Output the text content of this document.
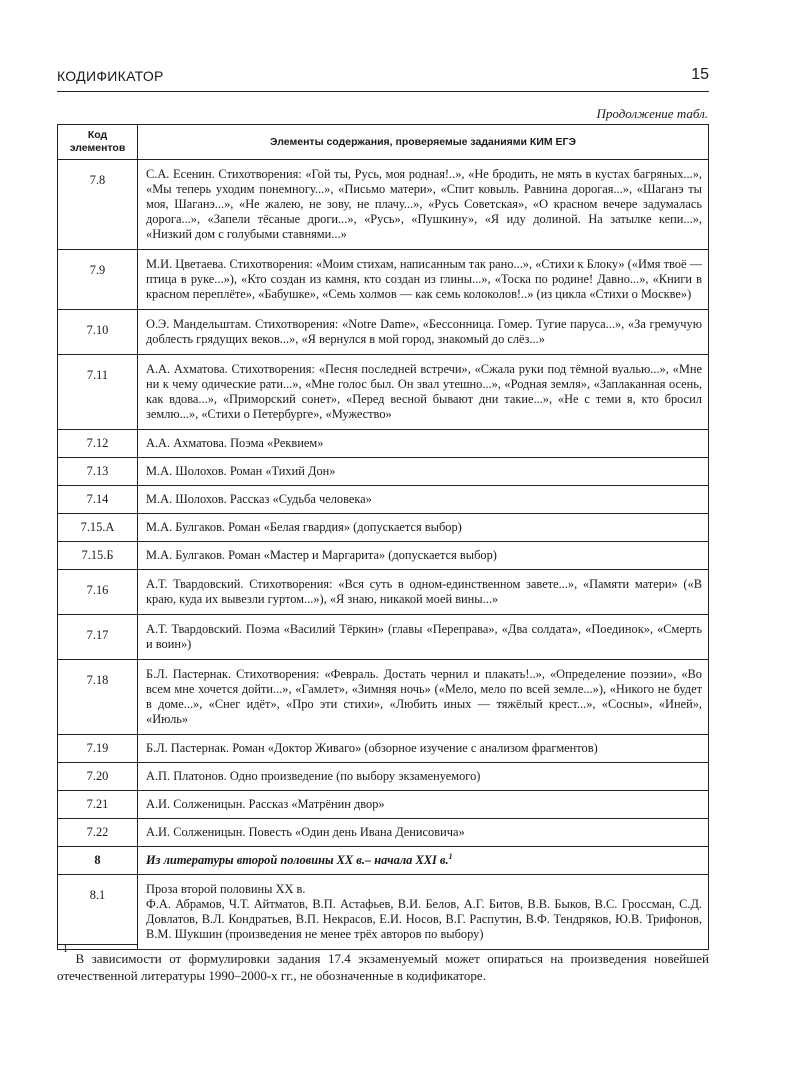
КОДИФИКАТОР	15
Продолжение табл.
Код элементов	Элементы содержания, проверяемые заданиями КИМ ЕГЭ
7.8	С.А. Есенин. Стихотворения: «Гой ты, Русь, моя родная!..», «Не бродить, не мять в кустах багряных...», «Мы теперь уходим понемногу...», «Письмо матери», «Спит ковыль. Равнина дорогая...», «Шаганэ ты моя, Шаганэ...», «Не жалею, не зову, не плачу...», «Русь Советская», «О красном вечере задумалась дорога...», «Запели тёсаные дроги...», «Русь», «Пушкину», «Я иду долиной. На затылке кепи...», «Низкий дом с голубыми ставнями...»
7.9	М.И. Цветаева. Стихотворения: «Моим стихам, написанным так рано...», «Стихи к Блоку» («Имя твоё — птица в руке...»), «Кто создан из камня, кто создан из глины...», «Тоска по родине! Давно...», «Книги в красном переплёте», «Бабушке», «Семь холмов — как семь колоколов!..» (из цикла «Стихи о Москве»)
7.10	О.Э. Мандельштам. Стихотворения: «Notre Dame», «Бессонница. Гомер. Тугие паруса...», «За гремучую доблесть грядущих веков...», «Я вернулся в мой город, знакомый до слёз...»
7.11	А.А. Ахматова. Стихотворения: «Песня последней встречи», «Сжала руки под тёмной вуалью...», «Мне ни к чему одические рати...», «Мне голос был. Он звал утешно...», «Родная земля», «Заплаканная осень, как вдова...», «Приморский сонет», «Перед весной бывают дни такие...», «Не с теми я, кто бросил землю...», «Стихи о Петербурге», «Мужество»
7.12	А.А. Ахматова. Поэма «Реквием»
7.13	М.А. Шолохов. Роман «Тихий Дон»
7.14	М.А. Шолохов. Рассказ «Судьба человека»
7.15.А	М.А. Булгаков. Роман «Белая гвардия» (допускается выбор)
7.15.Б	М.А. Булгаков. Роман «Мастер и Маргарита» (допускается выбор)
7.16	А.Т. Твардовский. Стихотворения: «Вся суть в одном-единственном завете...», «Памяти матери» («В краю, куда их вывезли гуртом...»), «Я знаю, никакой моей вины...»
7.17	А.Т. Твардовский. Поэма «Василий Тёркин» (главы «Переправа», «Два солдата», «Поединок», «Смерть и воин»)
7.18	Б.Л. Пастернак. Стихотворения: «Февраль. Достать чернил и плакать!..», «Определение поэзии», «Во всем мне хочется дойти...», «Гамлет», «Зимняя ночь» («Мело, мело по всей земле...»), «Никого не будет в доме...», «Снег идёт», «Про эти стихи», «Любить иных — тяжёлый крест...», «Сосны», «Иней», «Июль»
7.19	Б.Л. Пастернак. Роман «Доктор Живаго» (обзорное изучение с анализом фрагментов)
7.20	А.П. Платонов. Одно произведение (по выбору экзаменуемого)
7.21	А.И. Солженицын. Рассказ «Матрёнин двор»
7.22	А.И. Солженицын. Повесть «Один день Ивана Денисовича»
8	Из литературы второй половины XX в.– начала XXI в.$^1$
8.1	Проза второй половины XX в.
Ф.А. Абрамов, Ч.Т. Айтматов, В.П. Астафьев, В.И. Белов, А.Г. Битов, В.В. Быков, В.С. Гроссман, С.Д. Довлатов, В.Л. Кондратьев, В.П. Некрасов, Е.И. Носов, В.Г. Распутин, В.Ф. Тендряков, Ю.В. Трифонов, В.М. Шукшин (произведения не менее трёх авторов по выбору)
$^1$ В зависимости от формулировки задания 17.4 экзаменуемый может опираться на произведения новейшей отечественной литературы 1990–2000-х гг., не обозначенные в кодификаторе.
